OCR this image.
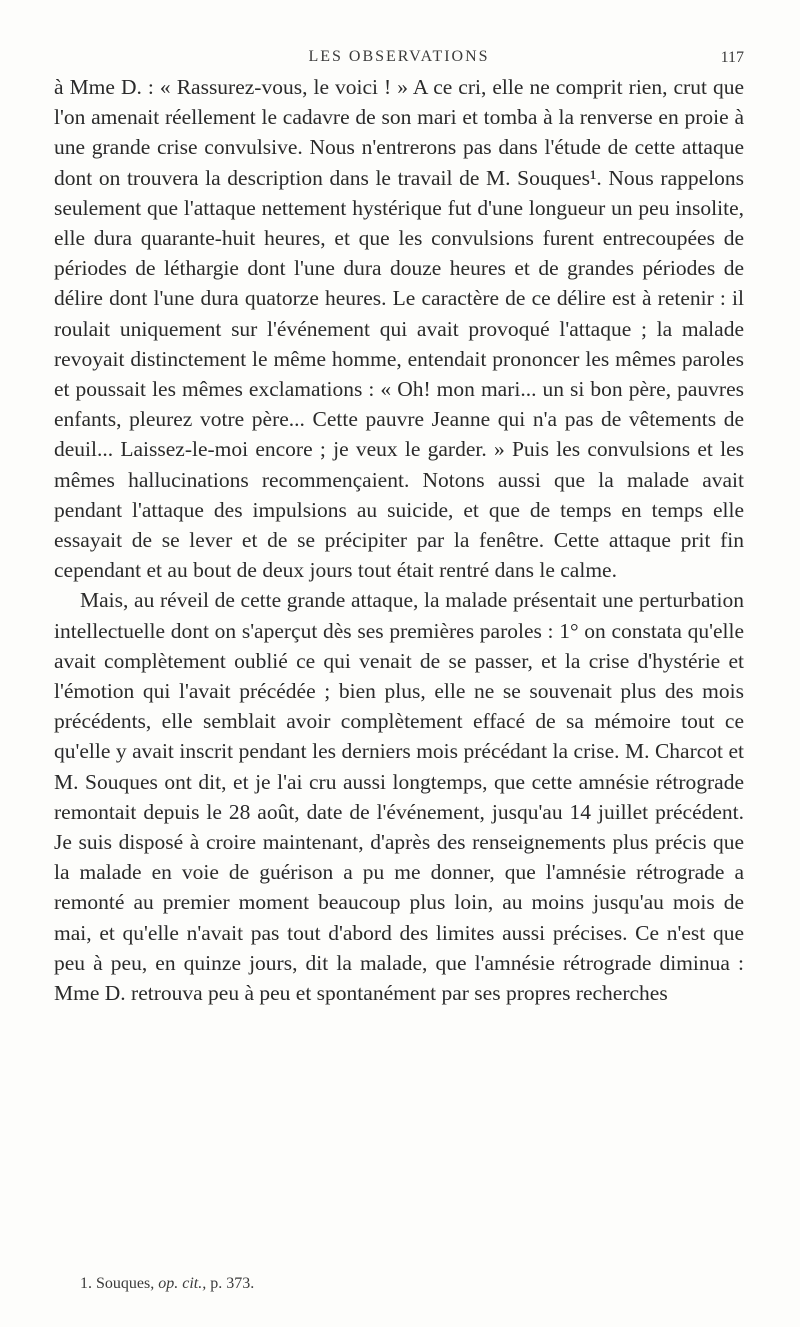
LES OBSERVATIONS	117

à Mme D. : « Rassurez-vous, le voici ! » A ce cri, elle ne comprit rien, crut que l'on amenait réellement le cadavre de son mari et tomba à la renverse en proie à une grande crise convulsive. Nous n'entrerons pas dans l'étude de cette attaque dont on trouvera la description dans le travail de M. Souques¹. Nous rappelons seulement que l'attaque nettement hystérique fut d'une longueur un peu insolite, elle dura quarante-huit heures, et que les convulsions furent entrecoupées de périodes de léthargie dont l'une dura douze heures et de grandes périodes de délire dont l'une dura quatorze heures. Le caractère de ce délire est à retenir : il roulait uniquement sur l'événement qui avait provoqué l'attaque ; la malade revoyait distinctement le même homme, entendait prononcer les mêmes paroles et poussait les mêmes exclamations : « Oh! mon mari... un si bon père, pauvres enfants, pleurez votre père... Cette pauvre Jeanne qui n'a pas de vêtements de deuil... Laissez-le-moi encore ; je veux le garder. » Puis les convulsions et les mêmes hallucinations recommençaient. Notons aussi que la malade avait pendant l'attaque des impulsions au suicide, et que de temps en temps elle essayait de se lever et de se précipiter par la fenêtre. Cette attaque prit fin cependant et au bout de deux jours tout était rentré dans le calme.

Mais, au réveil de cette grande attaque, la malade présentait une perturbation intellectuelle dont on s'aperçut dès ses premières paroles : 1° on constata qu'elle avait complètement oublié ce qui venait de se passer, et la crise d'hystérie et l'émotion qui l'avait précédée ; bien plus, elle ne se souvenait plus des mois précédents, elle semblait avoir complètement effacé de sa mémoire tout ce qu'elle y avait inscrit pendant les derniers mois précédant la crise. M. Charcot et M. Souques ont dit, et je l'ai cru aussi longtemps, que cette amnésie rétrograde remontait depuis le 28 août, date de l'événement, jusqu'au 14 juillet précédent. Je suis disposé à croire maintenant, d'après des renseignements plus précis que la malade en voie de guérison a pu me donner, que l'amnésie rétrograde a remonté au premier moment beaucoup plus loin, au moins jusqu'au mois de mai, et qu'elle n'avait pas tout d'abord des limites aussi précises. Ce n'est que peu à peu, en quinze jours, dit la malade, que l'amnésie rétrograde diminua : Mme D. retrouva peu à peu et spontanément par ses propres recherches

1. Souques, op. cit., p. 373.
